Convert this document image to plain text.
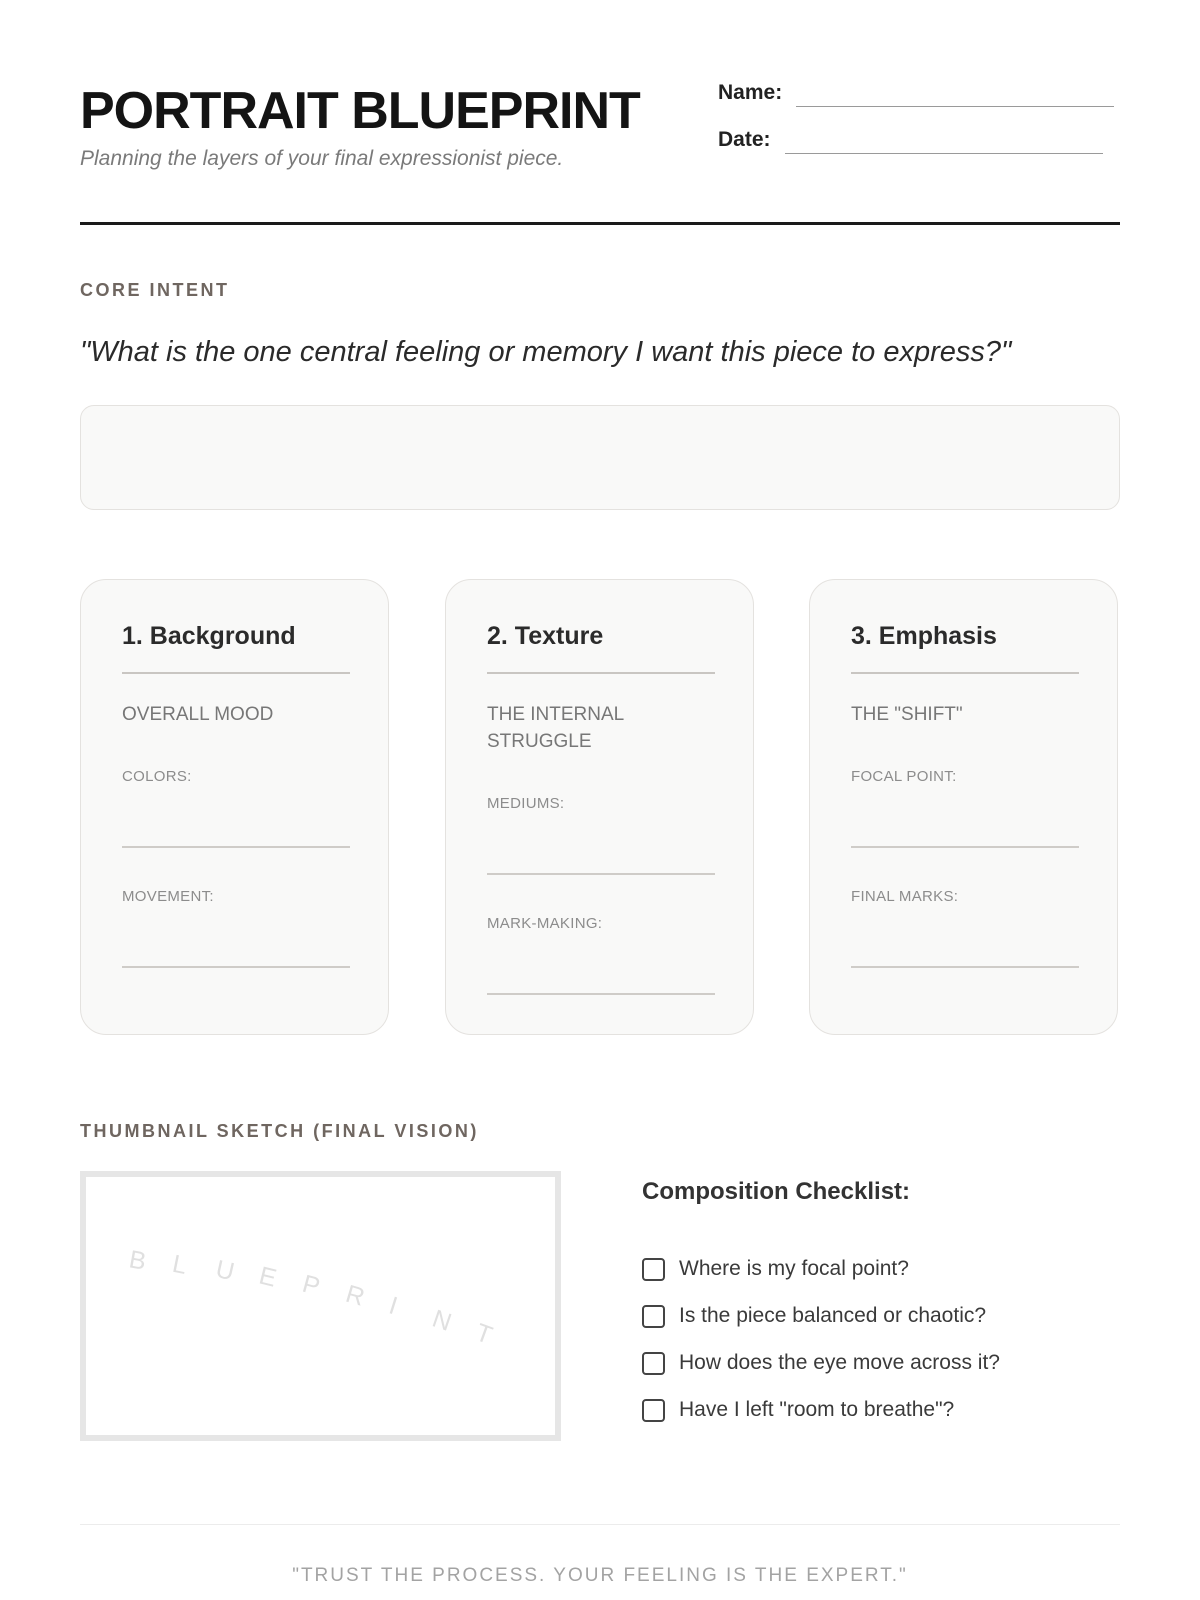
PORTRAIT BLUEPRINT

Planning the layers of your final expressionist piece.

Name:
Date:

CORE INTENT

"What is the one central feeling or memory I want this piece to express?"

1. Background

OVERALL MOOD

COLORS:

MOVEMENT:

2. Texture

THE INTERNAL STRUGGLE

MEDIUMS:

MARK-MAKING:

3. Emphasis

THE "SHIFT"

FOCAL POINT:

FINAL MARKS:

THUMBNAIL SKETCH (FINAL VISION)

B L U E P R I N T
Composition Checklist:
Where is my focal point?
Is the piece balanced or chaotic?
How does the eye move across it?
Have I left "room to breathe"?

"TRUST THE PROCESS. YOUR FEELING IS THE EXPERT."
